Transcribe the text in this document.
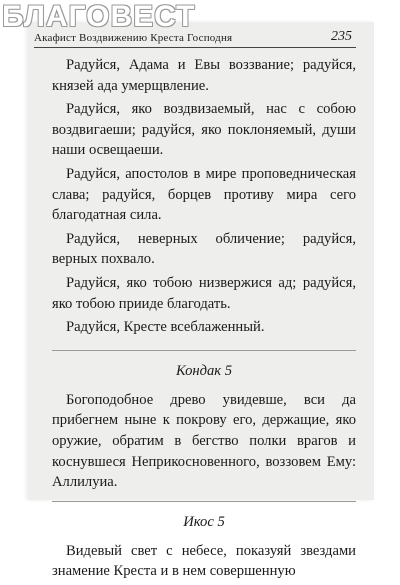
БЛАГОВЕСТ
Акафист Воздвижению Креста Господня	235

Радуйся, Адама и Евы воззвание; радуйся, князей ада умерщвление.

Радуйся, яко воздвизаемый, нас с собою воздвигаеши; радуйся, яко поклоняемый, души наши освещаеши.

Радуйся, апостолов в мире проповедническая слава; радуйся, борцев противу мира сего благодатная сила.

Радуйся, неверных обличение; радуйся, верных похвало.

Радуйся, яко тобою низвержися ад; радуйся, яко тобою прииде благодать.

Радуйся, Кресте всеблаженный.

Кондак 5

Богоподобное древо увидевше, вси да прибегнем ныне к покрову его, держащие, яко оружие, обратим в бегство полки врагов и коснувшеся Неприкосновенного, воззовем Ему: Аллилуиа.

Икос 5

Видевый свет с небесе, показуяй звездами знамение Креста и в нем совершенную
